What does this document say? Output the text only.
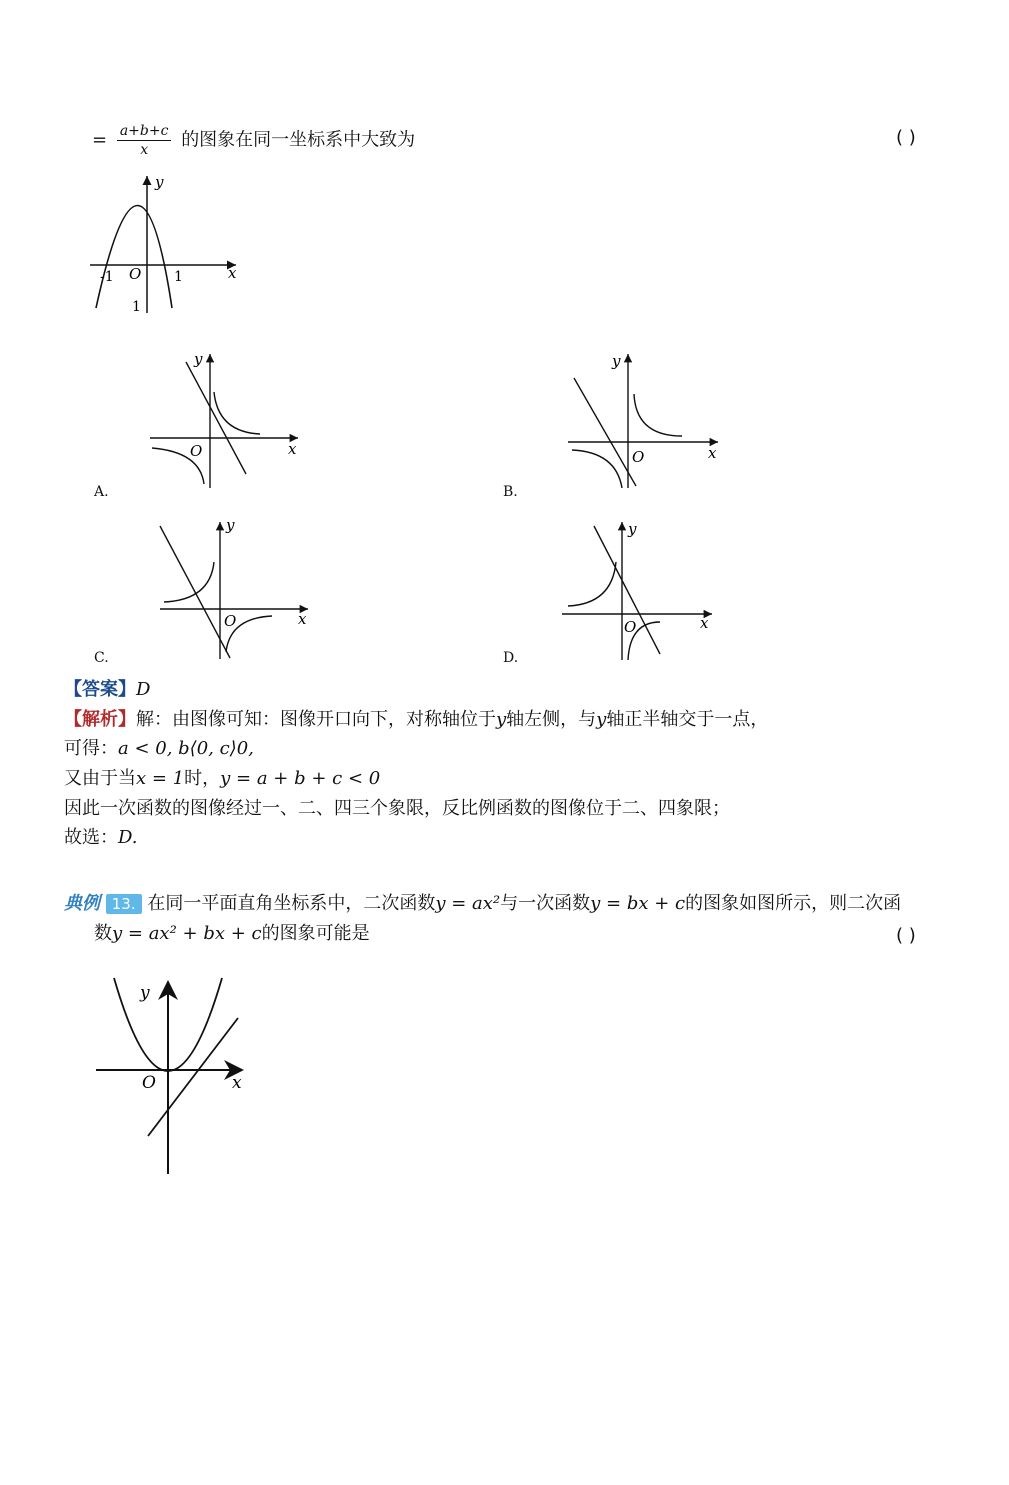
= $\frac{a+b+c}{x}$ 的图象在同一坐标系中大致为	( )
y
x
O
-1	1
1
y
x
O
A.
y
x
O
B.
y
x
O
C.
y
x
O
D.
【答案】D
【解析】解：由图像可知：图像开口向下，对称轴位于y轴左侧，与y轴正半轴交于一点，
可得：a < 0, b⟨0, c⟩0,
又由于当x = 1时，y = a + b + c < 0
因此一次函数的图像经过一、二、四三个象限，反比例函数的图像位于二、四象限；
故选：D.
典例 13. 在同一平面直角坐标系中，二次函数y = ax²与一次函数y = bx + c的图象如图所示，则二次函
数y = ax² + bx + c的图象可能是	( )
y
x
O
